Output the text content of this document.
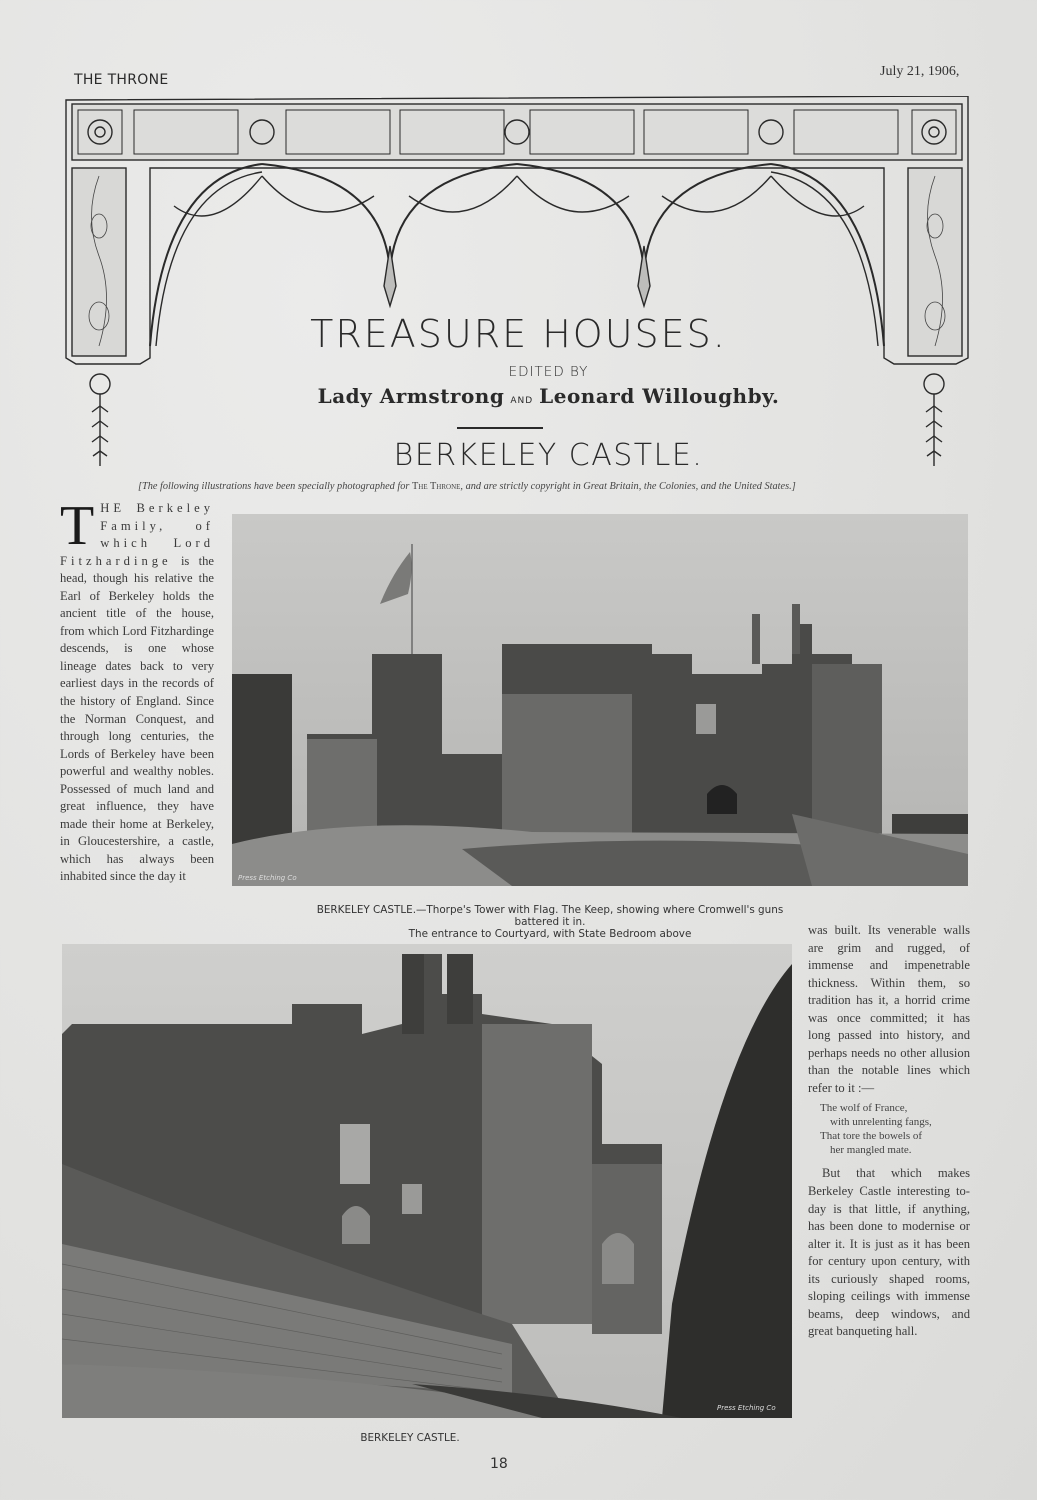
THE THRONE
July 21, 1906,
TREASURE HOUSES.
EDITED BY
Lady Armstrong AND Leonard Willoughby.
BERKELEY CASTLE.
[The following illustrations have been specially photographed for The Throne, and are strictly copyright in Great Britain, the Colonies, and the United States.]

THE Berkeley Family, of which Lord Fitzhardinge is the head, though his relative the Earl of Berkeley holds the ancient title of the house, from which Lord Fitzhardinge descends, is one whose lineage dates back to very earliest days in the records of the history of England. Since the Norman Conquest, and through long centuries, the Lords of Berkeley have been powerful and wealthy nobles. Possessed of much land and great influence, they have made their home at Berkeley, in Gloucestershire, a castle, which has always been inhabited since the day it	Press Etching Co
BERKELEY CASTLE.—Thorpe's Tower with Flag. The Keep, showing where Cromwell's guns battered it in.
The entrance to Courtyard, with State Bedroom above
Press Etching Co
BERKELEY CASTLE.

was built. Its venerable walls are grim and rugged, of immense and impenetrable thickness. Within them, so tradition has it, a horrid crime was once committed; it has long passed into history, and perhaps needs no other allusion than the notable lines which refer to it :—

The wolf of France,
with unrelenting fangs,
That tore the bowels of
her mangled mate.

But that which makes Berkeley Castle interesting to-day is that little, if anything, has been done to modernise or alter it. It is just as it has been for century upon century, with its curiously shaped rooms, sloping ceilings with immense beams, deep windows, and great banqueting hall.

18
